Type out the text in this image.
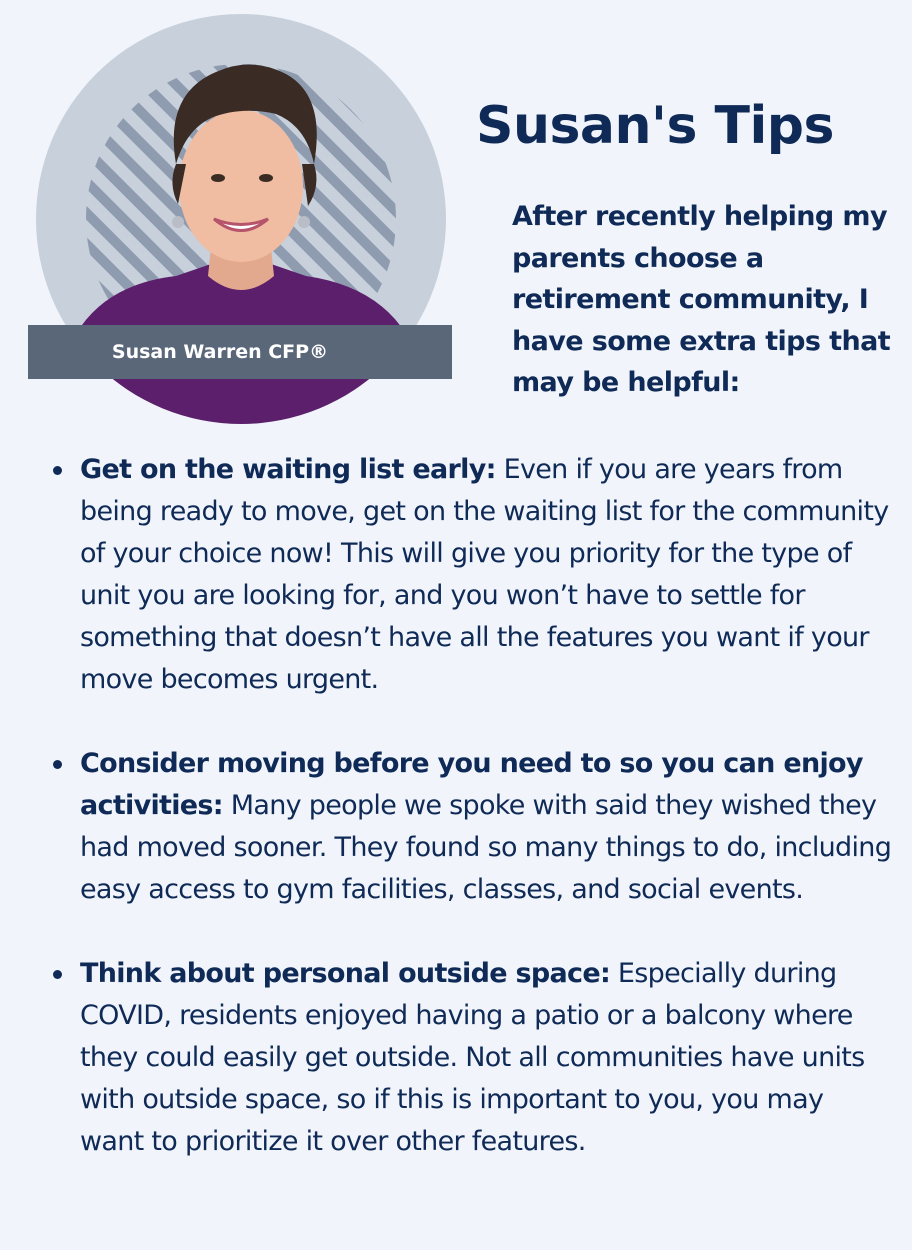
Susan Warren CFP®
Susan's Tips

After recently helping my parents choose a retirement community, I have some extra tips that may be helpful:

Get on the waiting list early: Even if you are years from being ready to move, get on the waiting list for the community of your choice now! This will give you priority for the type of unit you are looking for, and you won’t have to settle for something that doesn’t have all the features you want if your move becomes urgent.
Consider moving before you need to so you can enjoy activities: Many people we spoke with said they wished they had moved sooner. They found so many things to do, including easy access to gym facilities, classes, and social events.
Think about personal outside space: Especially during COVID, residents enjoyed having a patio or a balcony where they could easily get outside. Not all communities have units with outside space, so if this is important to you, you may want to prioritize it over other features.
